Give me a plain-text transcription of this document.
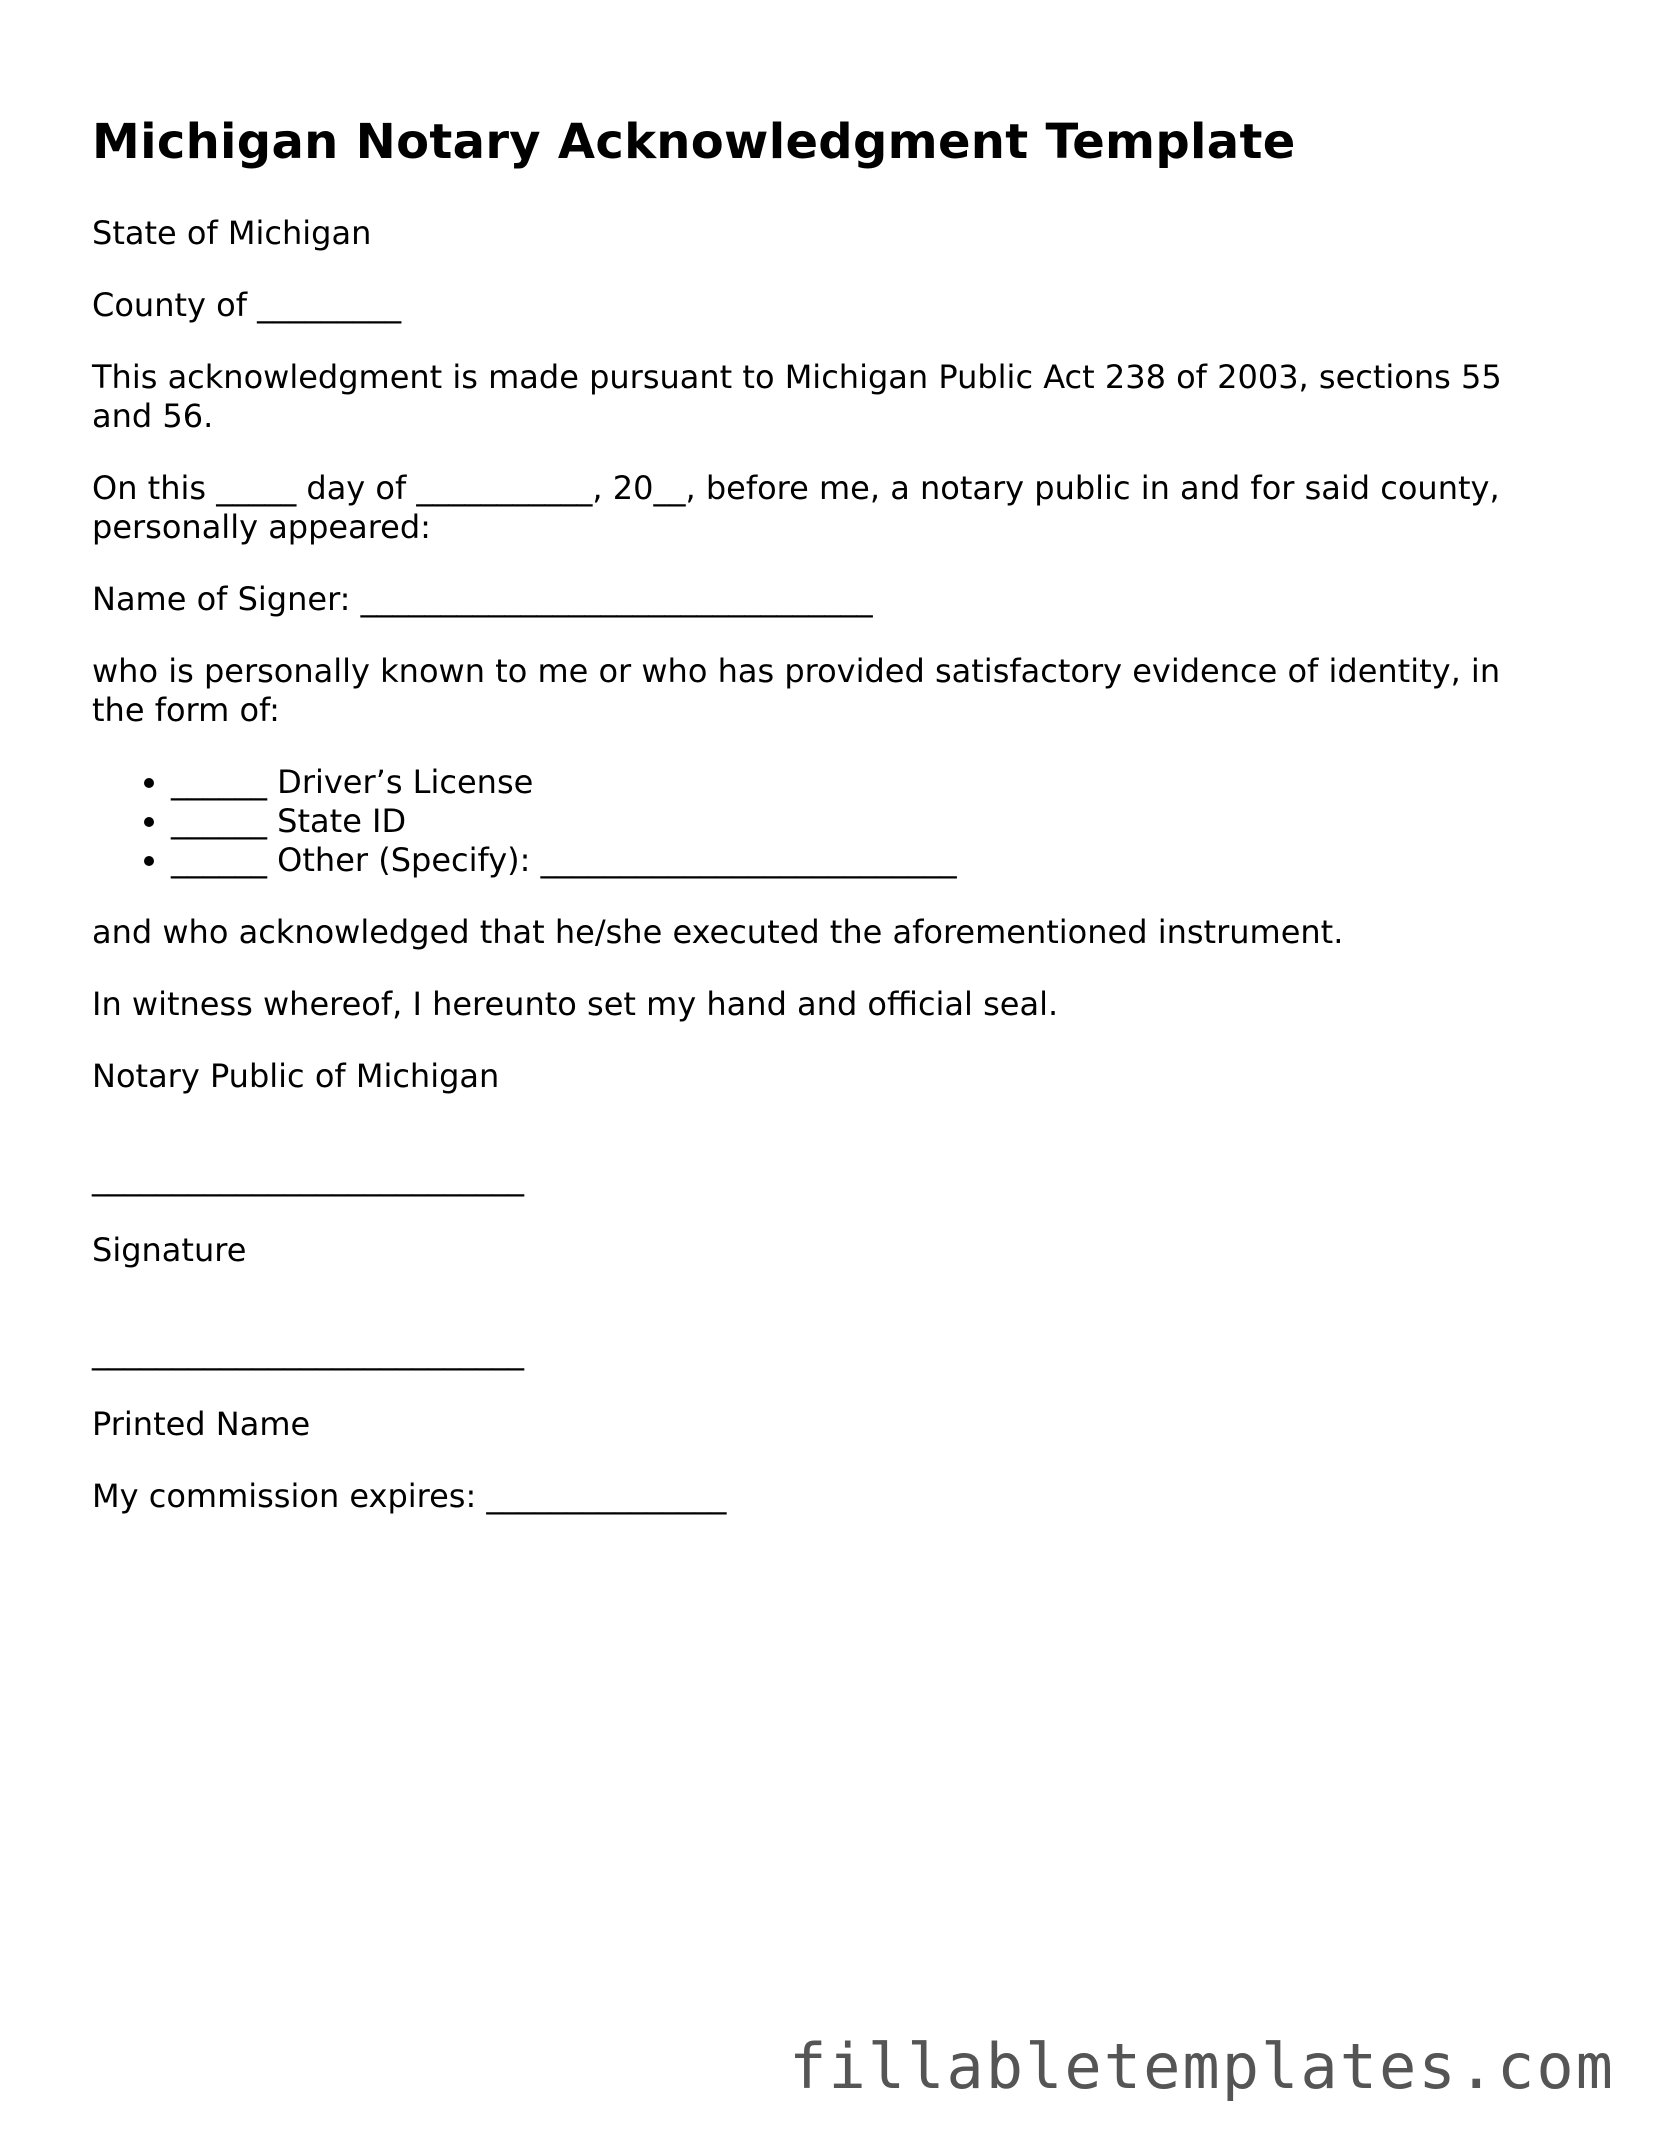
Michigan Notary Acknowledgment Template

State of Michigan

County of _________

This acknowledgment is made pursuant to Michigan Public Act 238 of 2003, sections 55 and 56.

On this _____ day of ___________, 20__, before me, a notary public in and for said county, personally appeared:

Name of Signer: ________________________________

who is personally known to me or who has provided satisfactory evidence of identity, in the form of:

• ______ Driver’s License
• ______ State ID
• ______ Other (Specify): __________________________

and who acknowledged that he/she executed the aforementioned instrument.

In witness whereof, I hereunto set my hand and official seal.

Notary Public of Michigan

___________________________

Signature

___________________________

Printed Name

My commission expires: _______________

fillabletemplates.com
